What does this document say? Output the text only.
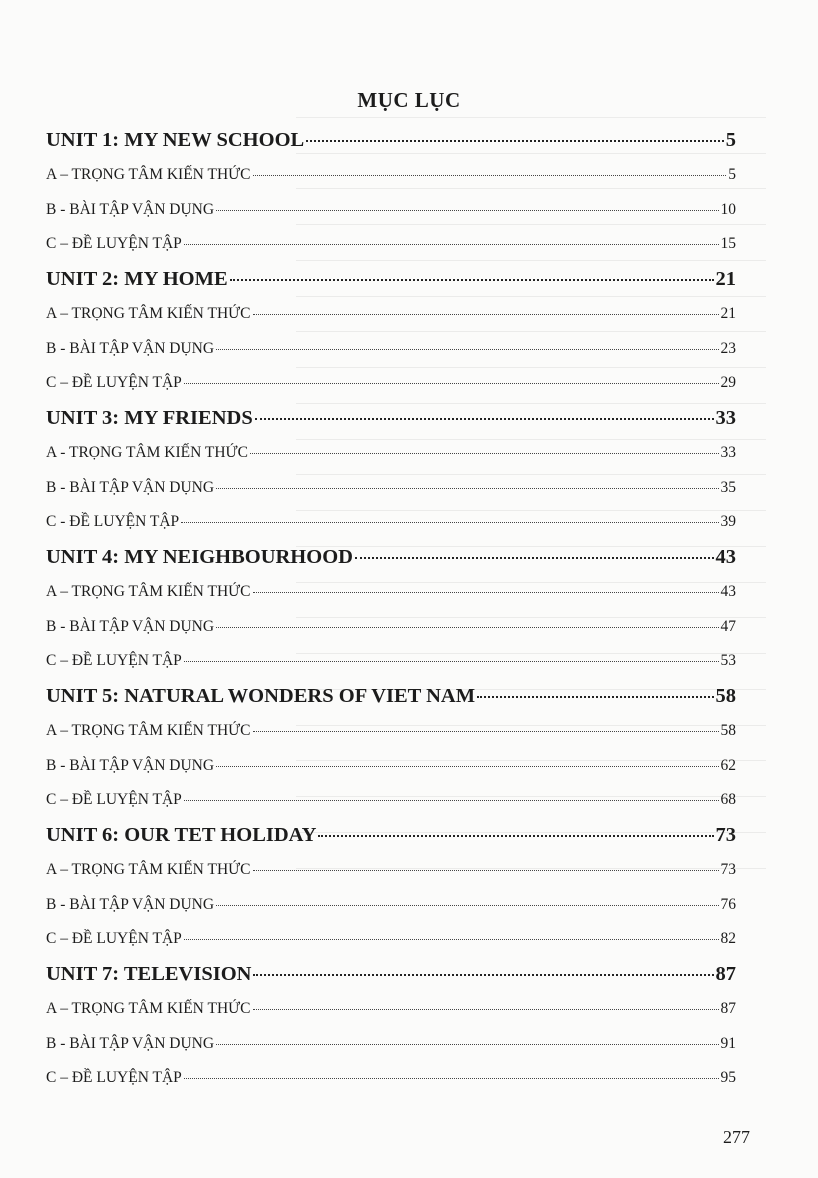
MỤC LỤC
UNIT 1: MY NEW SCHOOL	5
A – TRỌNG TÂM KIẾN THỨC	5
B - BÀI TẬP VẬN DỤNG	10
C – ĐỀ LUYỆN TẬP	15
UNIT 2: MY HOME	21
A – TRỌNG TÂM KIẾN THỨC	21
B - BÀI TẬP VẬN DỤNG	23
C – ĐỀ LUYỆN TẬP	29
UNIT 3: MY FRIENDS	33
A - TRỌNG TÂM KIẾN THỨC	33
B - BÀI TẬP VẬN DỤNG	35
C - ĐỀ LUYỆN TẬP	39
UNIT 4: MY NEIGHBOURHOOD	43
A – TRỌNG TÂM KIẾN THỨC	43
B - BÀI TẬP VẬN DỤNG	47
C – ĐỀ LUYỆN TẬP	53
UNIT 5: NATURAL WONDERS OF VIET NAM	58
A – TRỌNG TÂM KIẾN THỨC	58
B - BÀI TẬP VẬN DỤNG	62
C – ĐỀ LUYỆN TẬP	68
UNIT 6: OUR TET HOLIDAY	73
A – TRỌNG TÂM KIẾN THỨC	73
B - BÀI TẬP VẬN DỤNG	76
C – ĐỀ LUYỆN TẬP	82
UNIT 7: TELEVISION	87
A – TRỌNG TÂM KIẾN THỨC	87
B - BÀI TẬP VẬN DỤNG	91
C – ĐỀ LUYỆN TẬP	95
277
